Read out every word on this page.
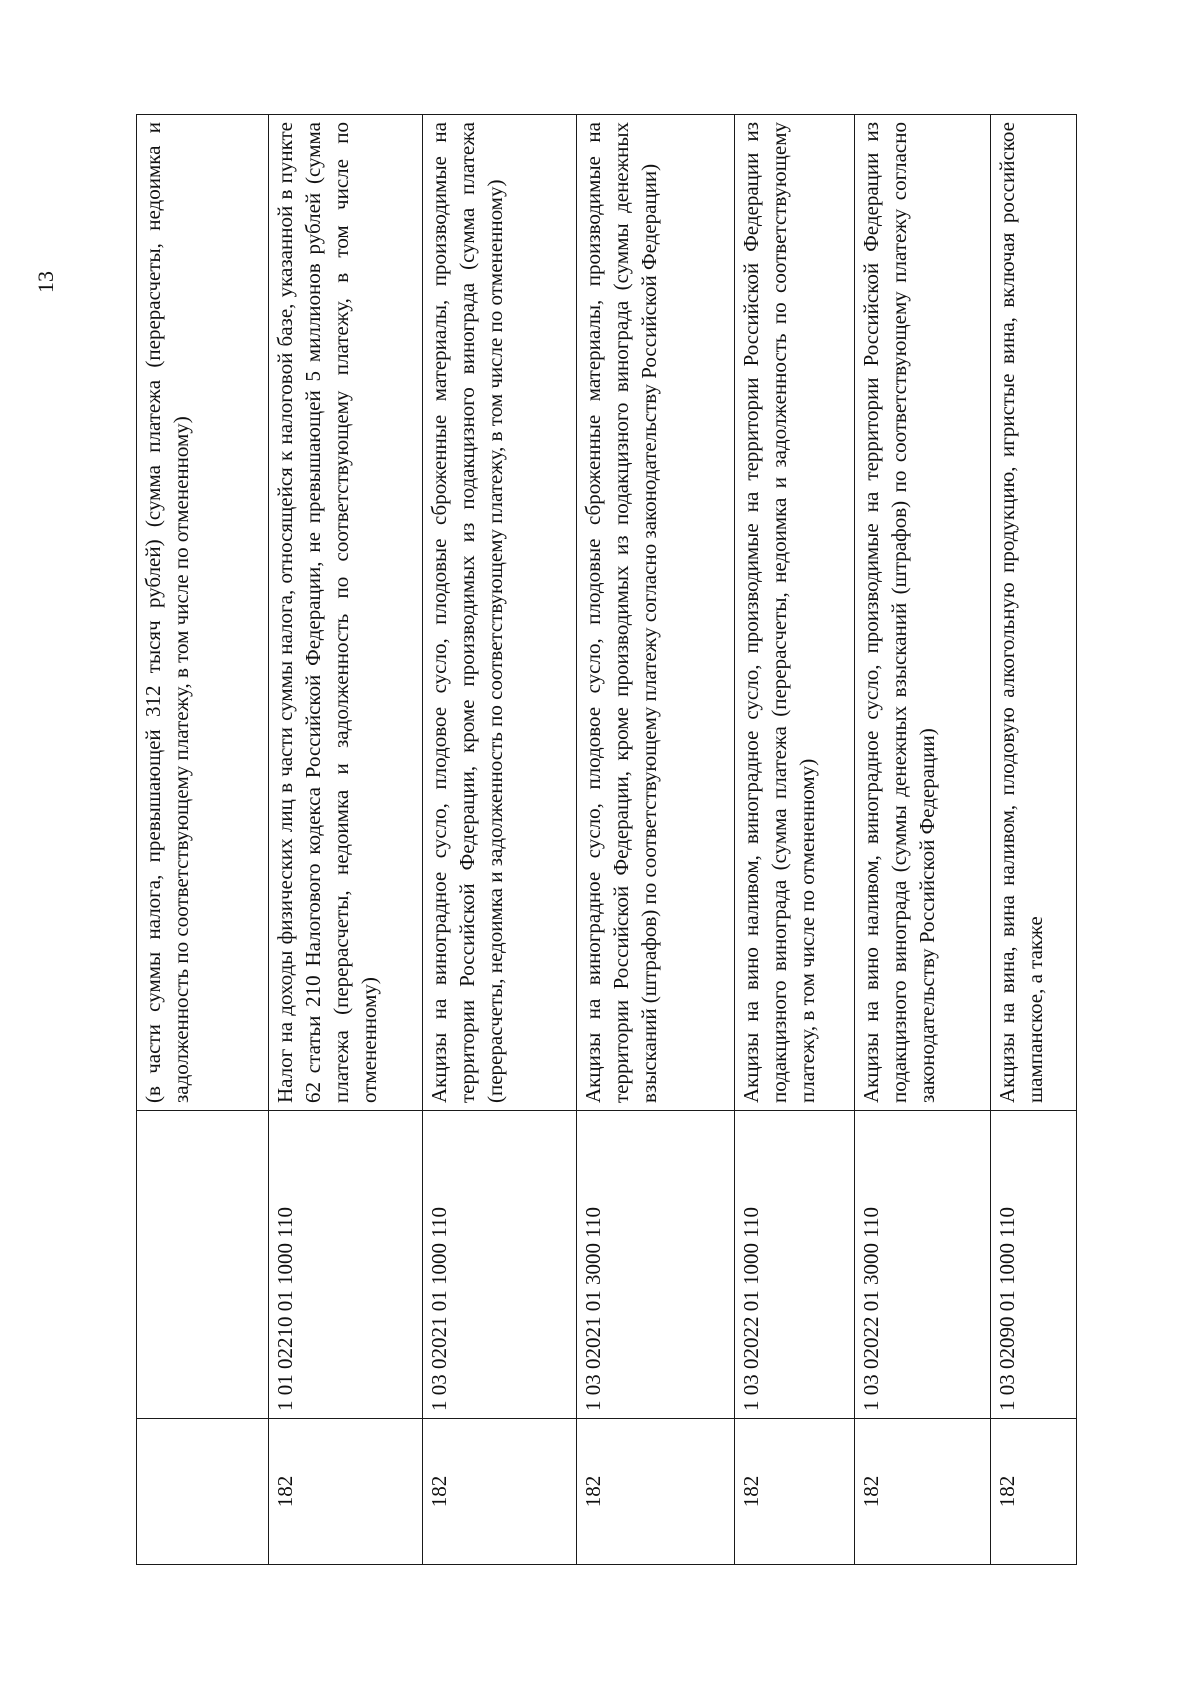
13
			(в части суммы налога, превышающей 312 тысяч рублей) (сумма платежа (перерасчеты, недоимка и задолженность по соответствующему платежу, в том числе по отмененному)
182	1 01 02210 01 1000 110	Налог на доходы физических лиц в части суммы налога, относящейся к налоговой базе, указанной в пункте 62 статьи 210 Налогового кодекса Российской Федерации, не превышающей 5 миллионов рублей (сумма платежа (перерасчеты, недоимка и задолженность по соответствующему платежу, в том числе по отмененному)
182	1 03 02021 01 1000 110	Акцизы на виноградное сусло, плодовое сусло, плодовые сброженные материалы, производимые на территории Российской Федерации, кроме производимых из подакцизного винограда (сумма платежа (перерасчеты, недоимка и задолженность по соответствующему платежу, в том числе по отмененному)
182	1 03 02021 01 3000 110	Акцизы на виноградное сусло, плодовое сусло, плодовые сброженные материалы, производимые на территории Российской Федерации, кроме производимых из подакцизного винограда (суммы денежных взысканий (штрафов) по соответствующему платежу согласно законодательству Российской Федерации)
182	1 03 02022 01 1000 110	Акцизы на вино наливом, виноградное сусло, производимые на территории Российской Федерации из подакцизного винограда (сумма платежа (перерасчеты, недоимка и задолженность по соответствующему платежу, в том числе по отмененному)
182	1 03 02022 01 3000 110	Акцизы на вино наливом, виноградное сусло, производимые на территории Российской Федерации из подакцизного винограда (суммы денежных взысканий (штрафов) по соответствующему платежу согласно законодательству Российской Федерации)
182	1 03 02090 01 1000 110	Акцизы на вина, вина наливом, плодовую алкогольную продукцию, игристые вина, включая российское шампанское, а также
